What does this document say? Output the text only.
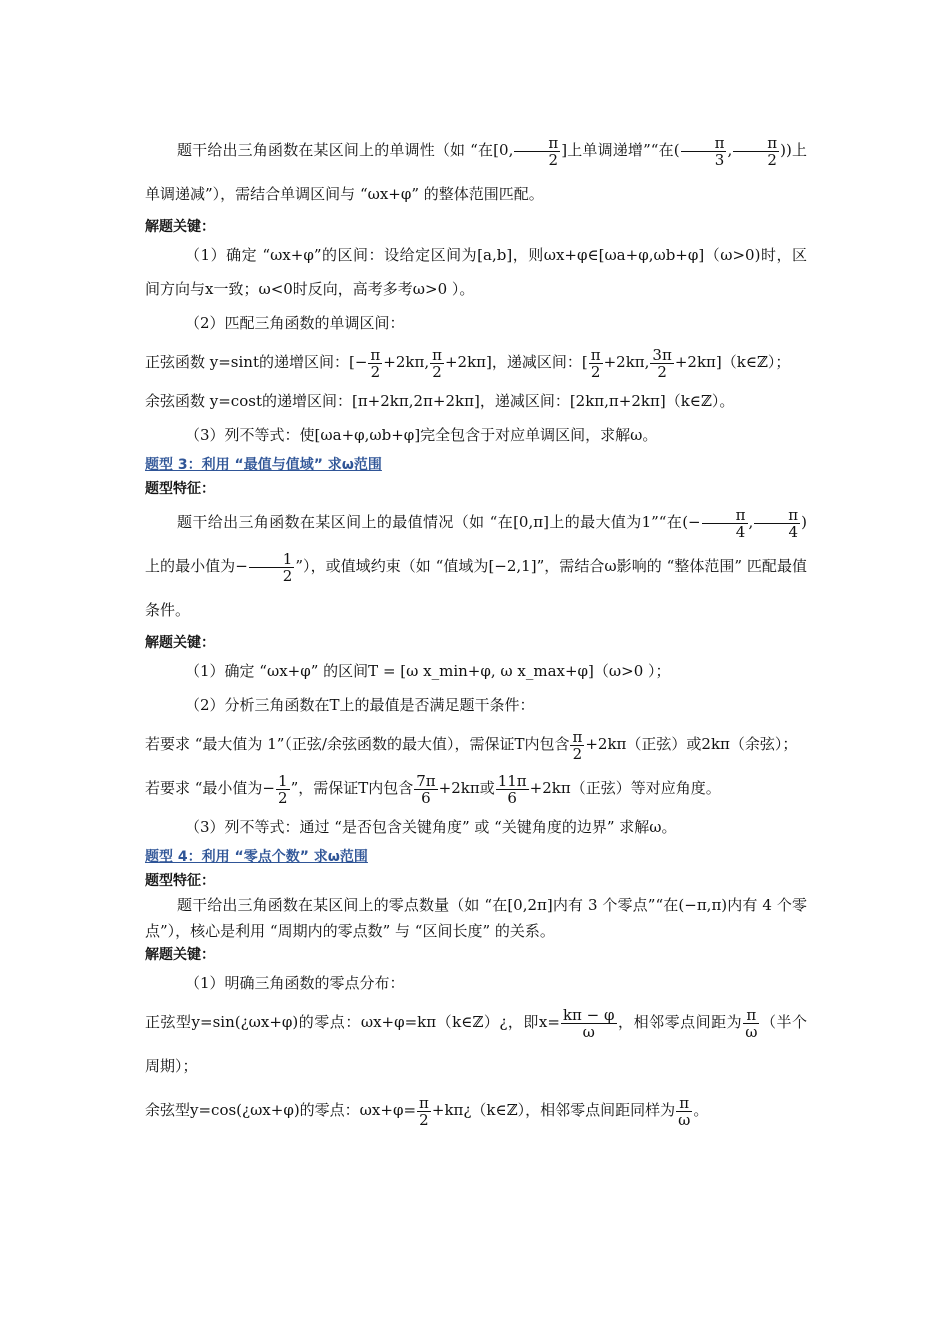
题干给出三角函数在某区间上的单调性（如 “在[0, $\frac{\pi}{2}$ ]上单调递增”“在( $\frac{\pi}{3}$ , $\frac{\pi}{2}$ ))上单调递减”），需结合单调区间与 “ωx+φ” 的整体范围匹配。

解题关键：

（1）确定 “ωx+φ”的区间：设给定区间为[a,b]，则ωx+φ∈[ωa+φ,ωb+φ]（ω>0)时，区间方向与x一致；ω<0时反向，高考多考ω>0 ）。

（2）匹配三角函数的单调区间：

正弦函数 y=sint的递增区间：[− $\frac{\pi}{2} +2k\pi$, $\frac{\pi}{2} +2k\pi$]，递减区间：[ $\frac{\pi}{2} +2k\pi$, $\frac{3\pi}{2}$ +2kπ]（k∈ℤ）；

余弦函数 y=cost的递增区间：[π+2kπ,2π+2kπ]，递减区间：[2kπ,π+2kπ]（k∈ℤ）。

（3）列不等式：使[ωa+φ,ωb+φ]完全包含于对应单调区间，求解ω。

题型 3：利用 “最值与值域” 求ω范围

题型特征：

题干给出三角函数在某区间上的最值情况（如 “在[0,π]上的最大值为1”“在(− $\frac{\pi}{4}$ , $\frac{\pi}{4}$ )上的最小值为− $\frac{1}{2}$ ”），或值域约束（如 “值域为[−2,1]”，需结合ω影响的 “整体范围” 匹配最值条件。

解题关键：

（1）确定 “ωx+φ” 的区间T = [ω x_min+φ, ω x_max+φ]（ω>0 ）；

（2）分析三角函数在T上的最值是否满足题干条件：

若要求 “最大值为 1”（正弦/余弦函数的最大值），需保证T内包含 $\frac{\pi}{2} +2k\pi$（正弦）或2kπ（余弦）；

若要求 “最小值为− $\frac{1}{2}$ ”，需保证T内包含 $\frac{7\pi}{6} +2k\pi$或 $\frac{11\pi}{6} +2k\pi$（正弦）等对应角度。

（3）列不等式：通过 “是否包含关键角度” 或 “关键角度的边界” 求解ω。

题型 4：利用 “零点个数” 求ω范围

题型特征：

题干给出三角函数在某区间上的零点数量（如 “在[0,2π]内有 3 个零点”“在(−π,π)内有 4 个零点”），核心是利用 “周期内的零点数” 与 “区间长度” 的关系。

解题关键：

（1）明确三角函数的零点分布：

正弦型y=sin(¿ωx+φ)的零点：ωx+φ=kπ（k∈ℤ）¿，即$x= \frac{k\pi - \varphi}{\omega}$ ，相邻零点间距为 $\frac{\pi}{\omega}$ （半个周期）；

余弦型y=cos(¿ωx+φ)的零点：$\omega x+\varphi= \frac{\pi}{2}$ +kπ¿（k∈ℤ），相邻零点间距同样为 $\frac{\pi}{\omega}$ 。
